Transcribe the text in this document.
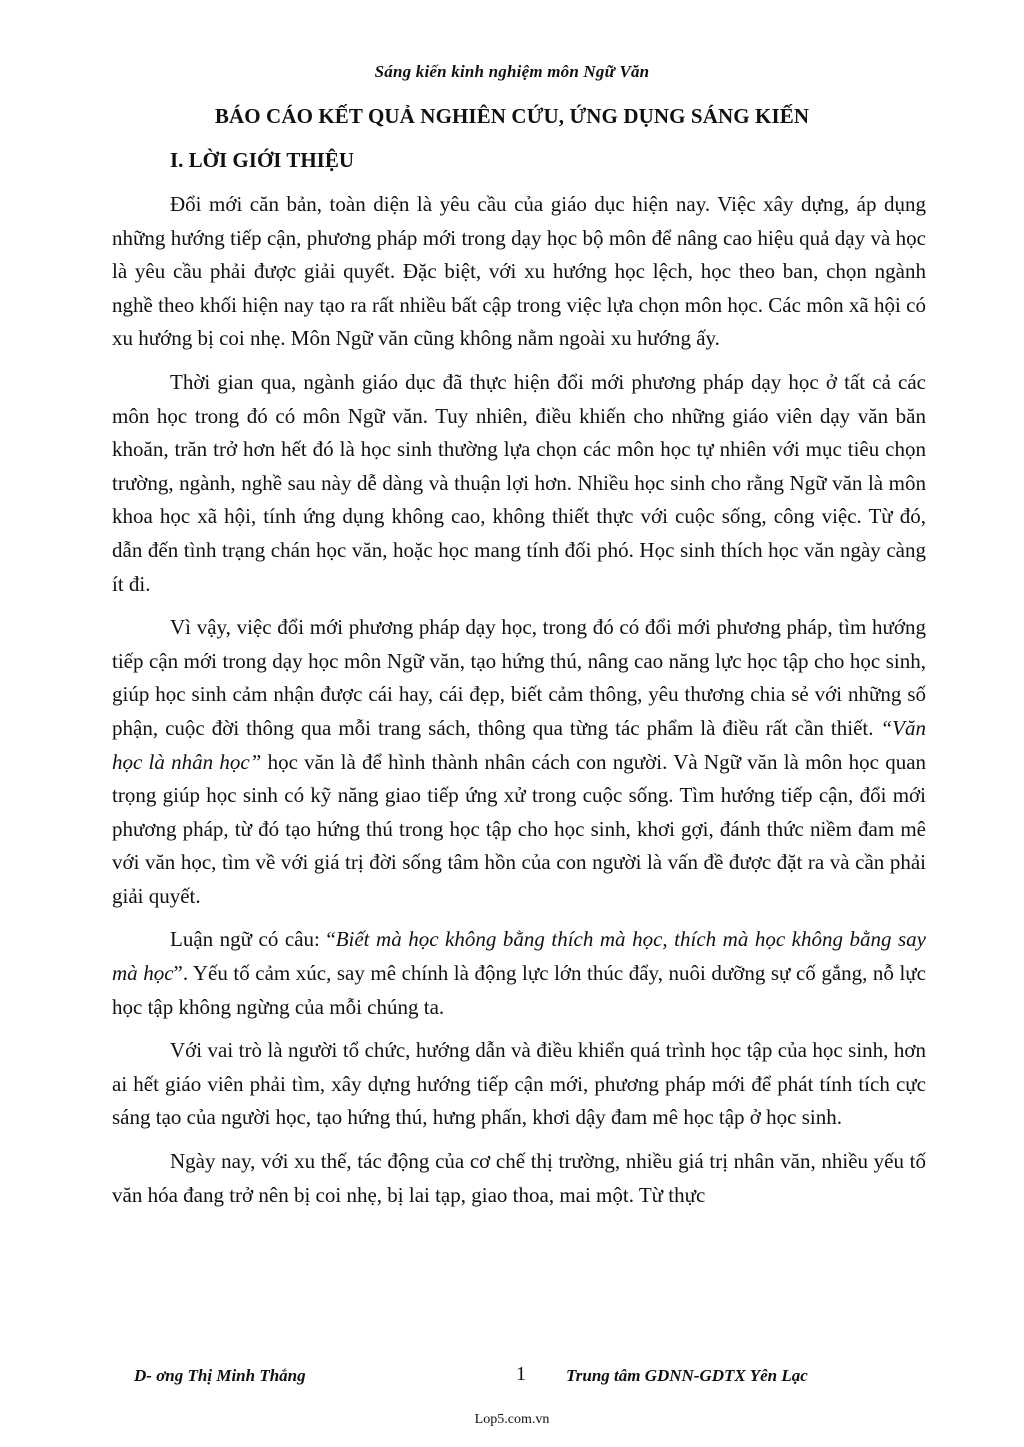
Sáng kiến kinh nghiệm môn Ngữ Văn
BÁO CÁO KẾT QUẢ NGHIÊN CỨU, ỨNG DỤNG SÁNG KIẾN
I. LỜI GIỚI THIỆU

Đổi mới căn bản, toàn diện là yêu cầu của giáo dục hiện nay. Việc xây dựng, áp dụng những hướng tiếp cận, phương pháp mới trong dạy học bộ môn để nâng cao hiệu quả dạy và học là yêu cầu phải được giải quyết. Đặc biệt, với xu hướng học lệch, học theo ban, chọn ngành nghề theo khối hiện nay tạo ra rất nhiều bất cập trong việc lựa chọn môn học. Các môn xã hội có xu hướng bị coi nhẹ. Môn Ngữ văn cũng không nằm ngoài xu hướng ấy.

Thời gian qua, ngành giáo dục đã thực hiện đổi mới phương pháp dạy học ở tất cả các môn học trong đó có môn Ngữ văn. Tuy nhiên, điều khiến cho những giáo viên dạy văn băn khoăn, trăn trở hơn hết đó là học sinh thường lựa chọn các môn học tự nhiên với mục tiêu chọn trường, ngành, nghề sau này dễ dàng và thuận lợi hơn. Nhiều học sinh cho rằng Ngữ văn là môn khoa học xã hội, tính ứng dụng không cao, không thiết thực với cuộc sống, công việc. Từ đó, dẫn đến tình trạng chán học văn, hoặc học mang tính đối phó. Học sinh thích học văn ngày càng ít đi.

Vì vậy, việc đổi mới phương pháp dạy học, trong đó có đổi mới phương pháp, tìm hướng tiếp cận mới trong dạy học môn Ngữ văn, tạo hứng thú, nâng cao năng lực học tập cho học sinh, giúp học sinh cảm nhận được cái hay, cái đẹp, biết cảm thông, yêu thương chia sẻ với những số phận, cuộc đời thông qua mỗi trang sách, thông qua từng tác phẩm là điều rất cần thiết. “Văn học là nhân học” học văn là để hình thành nhân cách con người. Và Ngữ văn là môn học quan trọng giúp học sinh có kỹ năng giao tiếp ứng xử trong cuộc sống. Tìm hướng tiếp cận, đổi mới phương pháp, từ đó tạo hứng thú trong học tập cho học sinh, khơi gợi, đánh thức niềm đam mê với văn học, tìm về với giá trị đời sống tâm hồn của con người là vấn đề được đặt ra và cần phải giải quyết.

Luận ngữ có câu: “Biết mà học không bằng thích mà học, thích mà học không bằng say mà học”. Yếu tố cảm xúc, say mê chính là động lực lớn thúc đẩy, nuôi dưỡng sự cố gắng, nỗ lực học tập không ngừng của mỗi chúng ta.

Với vai trò là người tổ chức, hướng dẫn và điều khiển quá trình học tập của học sinh, hơn ai hết giáo viên phải tìm, xây dựng hướng tiếp cận mới, phương pháp mới để phát tính tích cực sáng tạo của người học, tạo hứng thú, hưng phấn, khơi dậy đam mê học tập ở học sinh.

Ngày nay, với xu thế, tác động của cơ chế thị trường, nhiều giá trị nhân văn, nhiều yếu tố văn hóa đang trở nên bị coi nhẹ, bị lai tạp, giao thoa, mai một. Từ thực

D- ơng Thị Minh Thắng	1 Trung tâm GDNN-GDTX Yên Lạc
Lop5.com.vn
